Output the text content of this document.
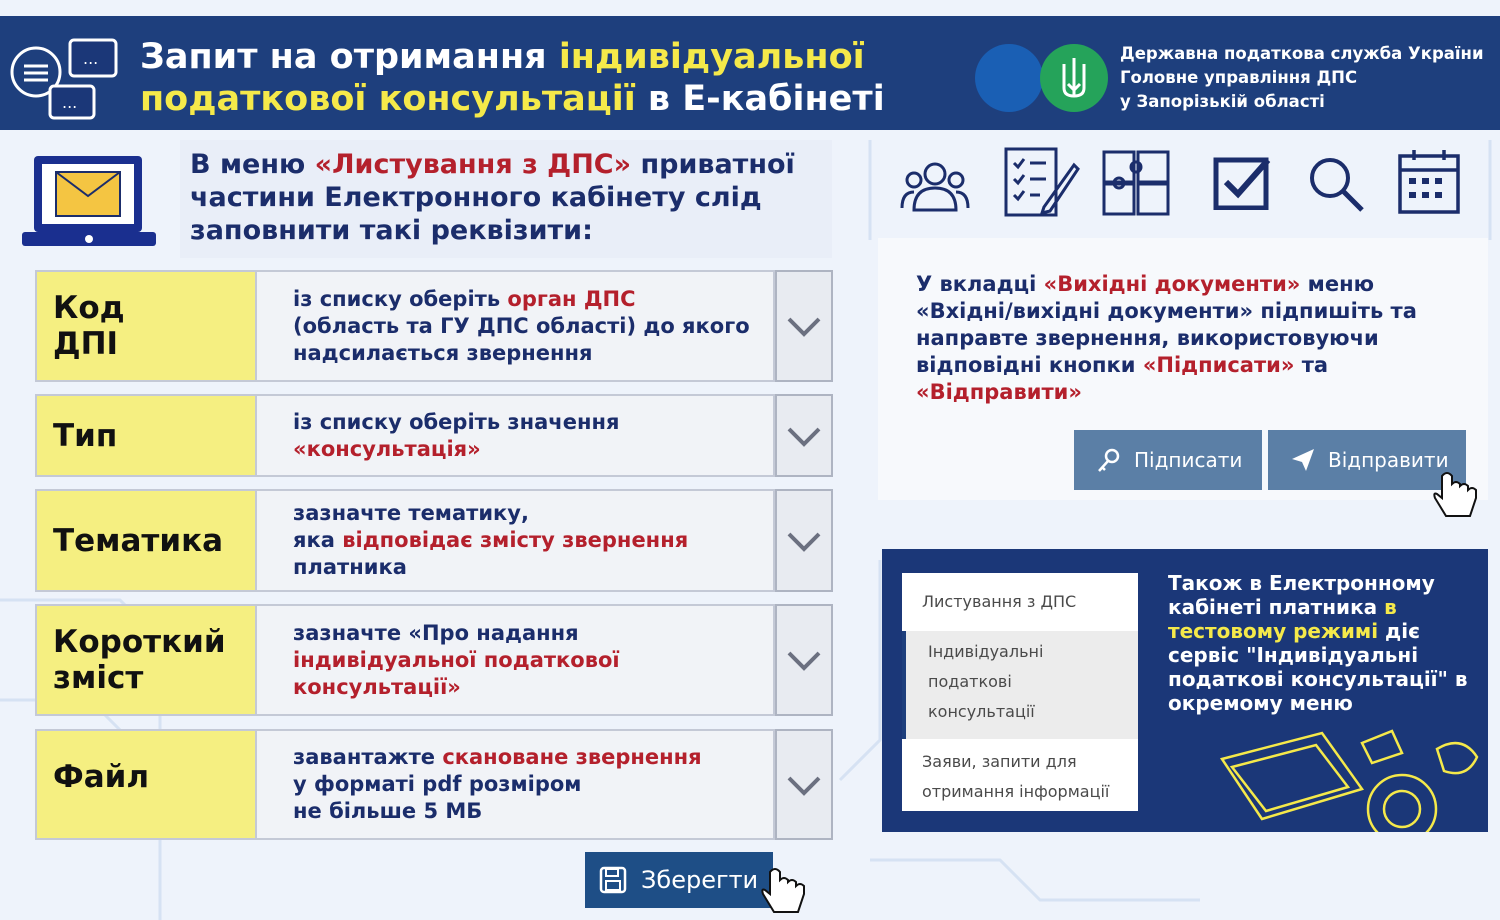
...
...
Запит на отримання індивідуальної
податкової консультації в Е-кабінеті
Державна податкова служба України
Головне управління ДПС
у Запорізькій області
В меню «Листування з ДПС» приватної частини Електронного кабінету слід заповнити такі реквізити:
Код
ДПІ
із списку оберіть орган ДПС
(область та ГУ ДПС області) до якого надсилається звернення
Тип	із списку оберіть значення
«консультація»
Тематика
зазначте тематику,
яка відповідає змісту звернення
платника
Короткий
зміст
зазначте «Про надання
індивідуальної податкової консультації»
Файл
завантажте скановане звернення
у форматі pdf розміром
не більше 5 МБ
Зберегти
У вкладці «Вихідні документи» меню «Вхідні/вихідні документи» підпишіть та направте звернення, використовуючи відповідні кнопки «Підписати» та «Відправити»
Підписати	Відправити
Листування з ДПС
Індивідуальні
податкові
консультації
Заяви, запити для
отримання інформації
Також в Електронному кабінеті платника в тестовому режимі діє сервіс "Індивідуальні податкові консультації" в окремому меню
